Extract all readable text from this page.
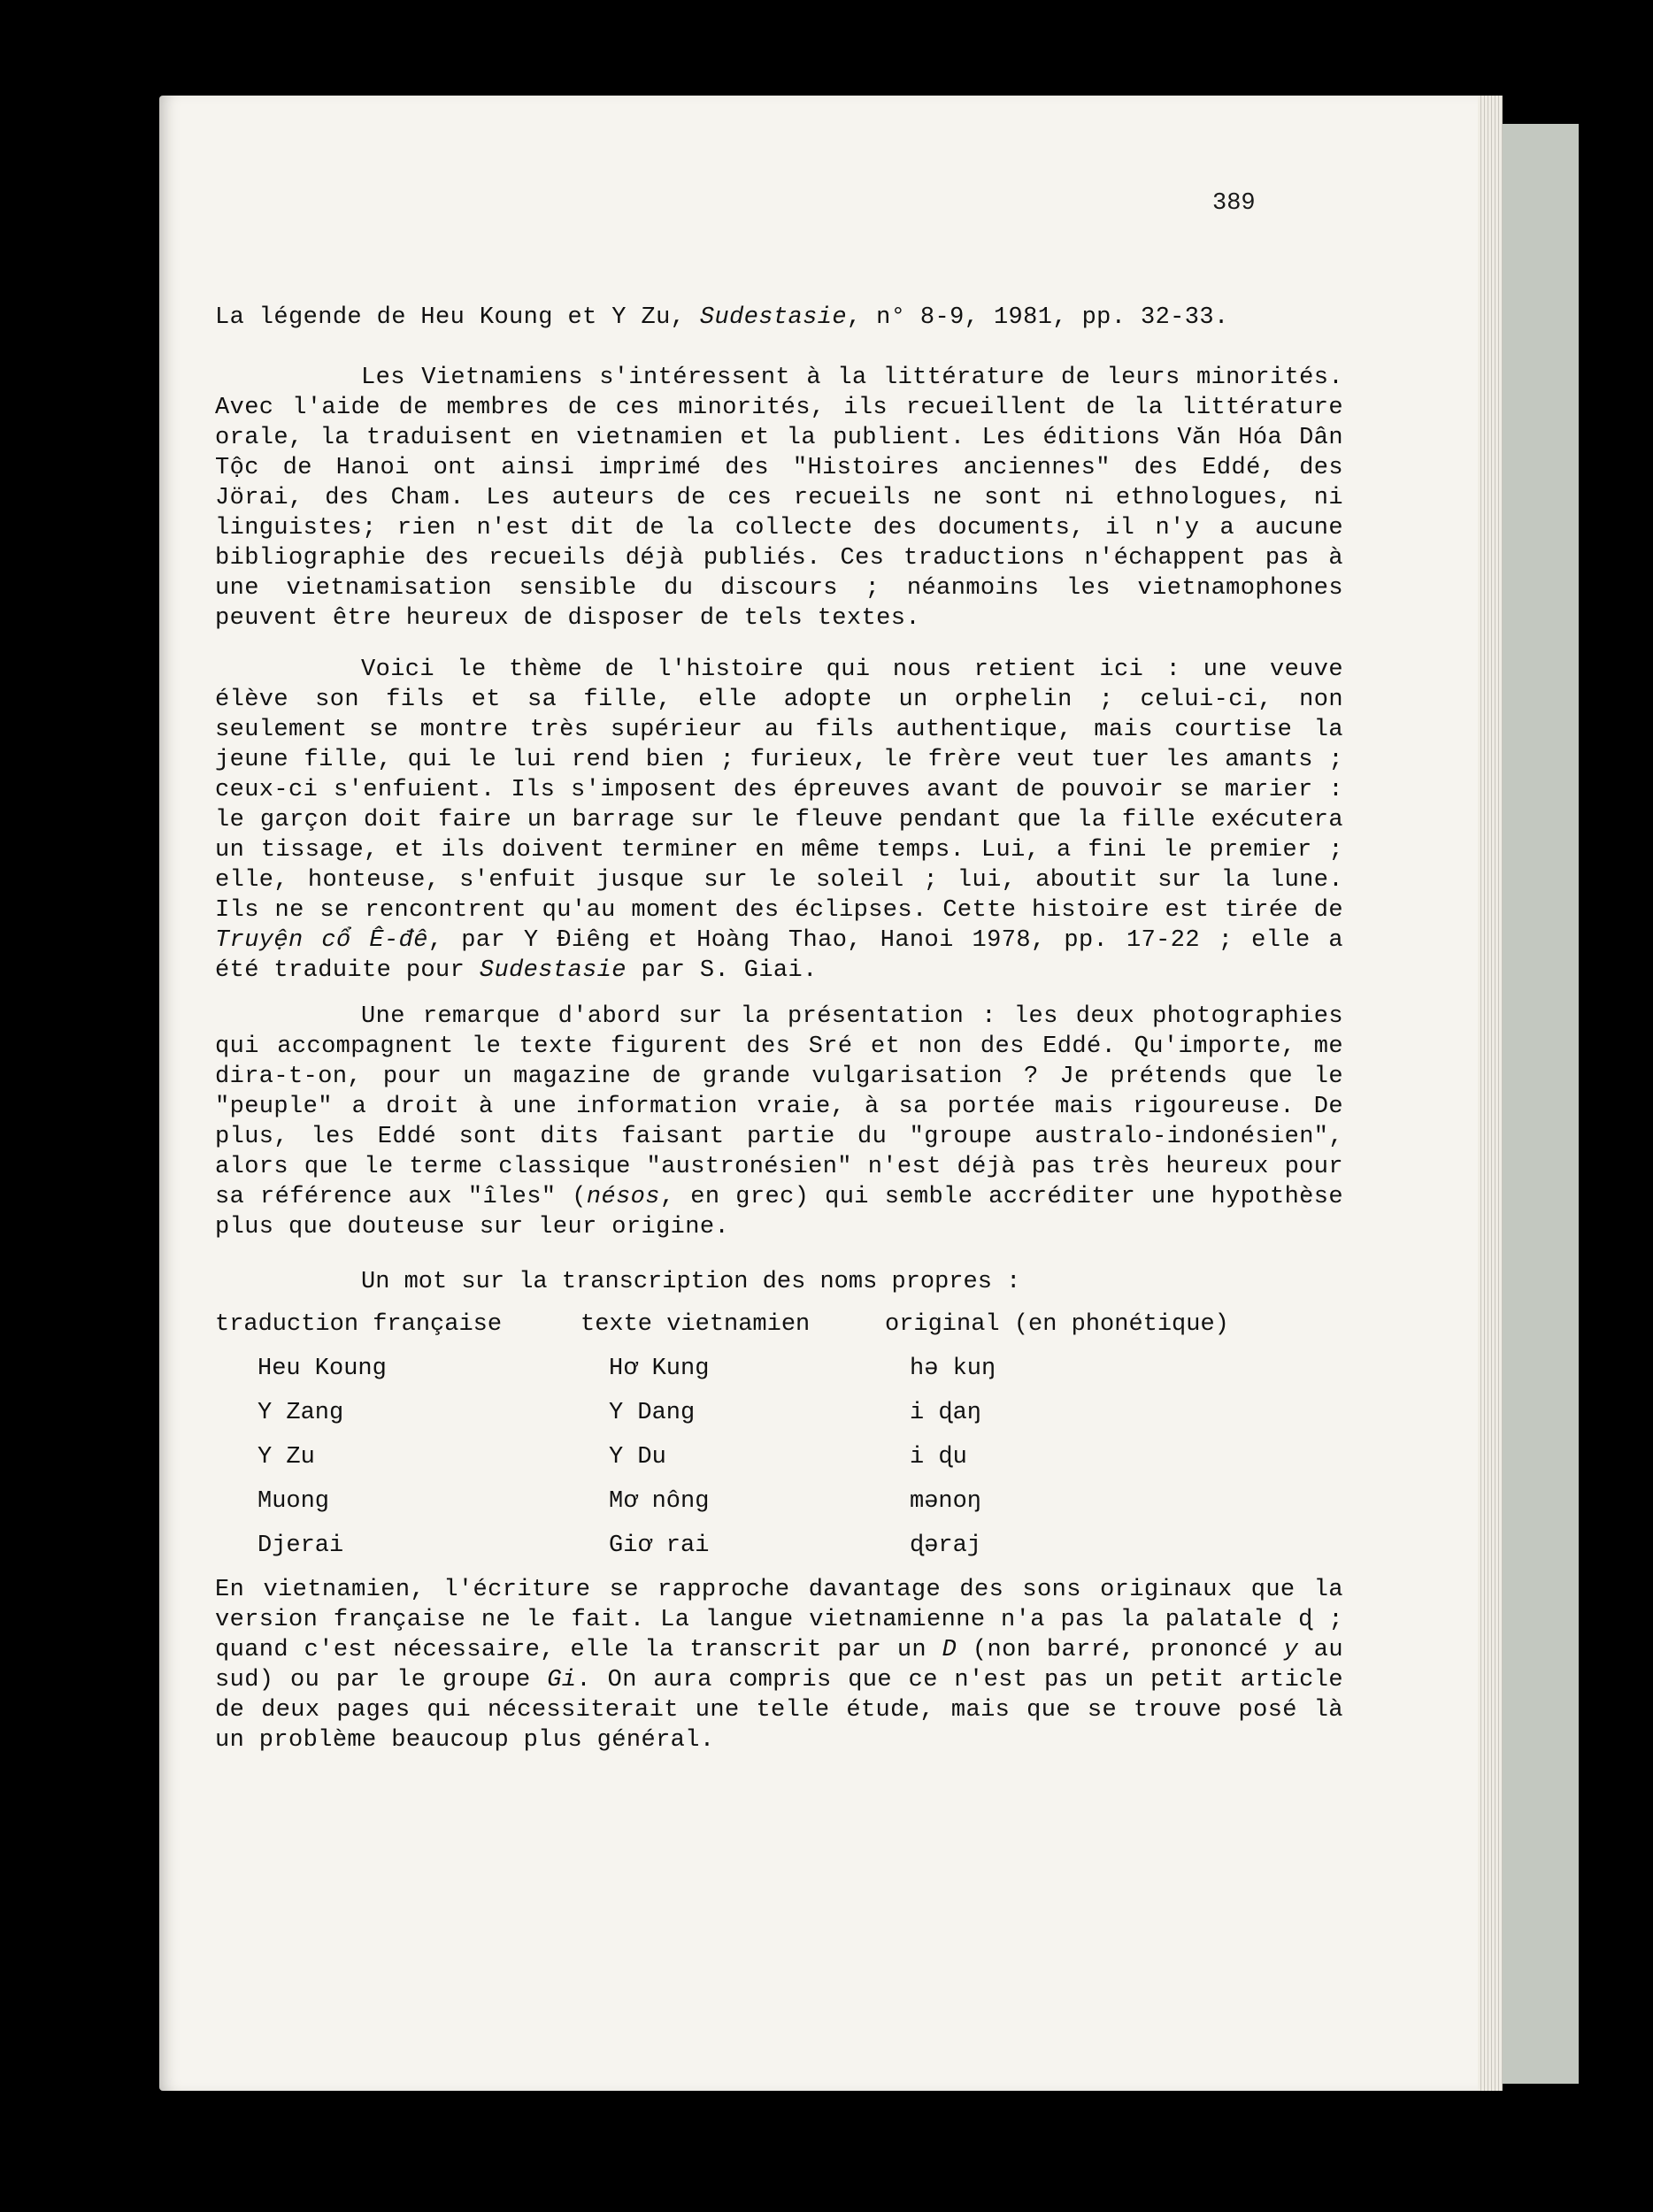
389

La légende de Heu Koung et Y Zu, Sudestasie, n° 8-9, 1981, pp. 32-33.

Les Vietnamiens s'intéressent à la littérature de leurs minorités. Avec l'aide de membres de ces minorités, ils recueillent de la littérature orale, la traduisent en vietnamien et la publient. Les éditions Văn Hóa Dân Tộc de Hanoi ont ainsi imprimé des "Histoires anciennes" des Eddé, des Jörai, des Cham. Les auteurs de ces recueils ne sont ni ethnologues, ni linguistes; rien n'est dit de la collecte des documents, il n'y a aucune bibliographie des recueils déjà publiés. Ces traductions n'échappent pas à une vietnamisation sensible du discours ; néanmoins les vietnamophones peuvent être heureux de disposer de tels textes.

Voici le thème de l'histoire qui nous retient ici : une veuve élève son fils et sa fille, elle adopte un orphelin ; celui-ci, non seulement se montre très supérieur au fils authentique, mais courtise la jeune fille, qui le lui rend bien ; furieux, le frère veut tuer les amants ; ceux-ci s'enfuient. Ils s'imposent des épreuves avant de pouvoir se marier : le garçon doit faire un barrage sur le fleuve pendant que la fille exécutera un tissage, et ils doivent terminer en même temps. Lui, a fini le premier ; elle, honteuse, s'enfuit jusque sur le soleil ; lui, aboutit sur la lune. Ils ne se rencontrent qu'au moment des éclipses. Cette histoire est tirée de Truyện cổ Ê-đê, par Y Điêng et Hoàng Thao, Hanoi 1978, pp. 17-22 ; elle a été traduite pour Sudestasie par S. Giai.

Une remarque d'abord sur la présentation : les deux photographies qui accompagnent le texte figurent des Sré et non des Eddé. Qu'importe, me dira-t-on, pour un magazine de grande vulgarisation ? Je prétends que le "peuple" a droit à une information vraie, à sa portée mais rigoureuse. De plus, les Eddé sont dits faisant partie du "groupe australo-indonésien", alors que le terme classique "austronésien" n'est déjà pas très heureux pour sa référence aux "îles" (nésos, en grec) qui semble accréditer une hypothèse plus que douteuse sur leur origine.

Un mot sur la transcription des noms propres :
traduction française	texte vietnamien	original (en phonétique)
Heu Koung	Hơ Kung	hə kuŋ
Y Zang	Y Dang	i ɖaŋ
Y Zu	Y Du	i ɖu
Muong	Mơ nông	mənoŋ
Djerai	Giơ rai	ɖəraj

En vietnamien, l'écriture se rapproche davantage des sons originaux que la version française ne le fait. La langue vietnamienne n'a pas la palatale ɖ ; quand c'est nécessaire, elle la transcrit par un D (non barré, prononcé y au sud) ou par le groupe Gi. On aura compris que ce n'est pas un petit article de deux pages qui nécessiterait une telle étude, mais que se trouve posé là un problème beaucoup plus général.
